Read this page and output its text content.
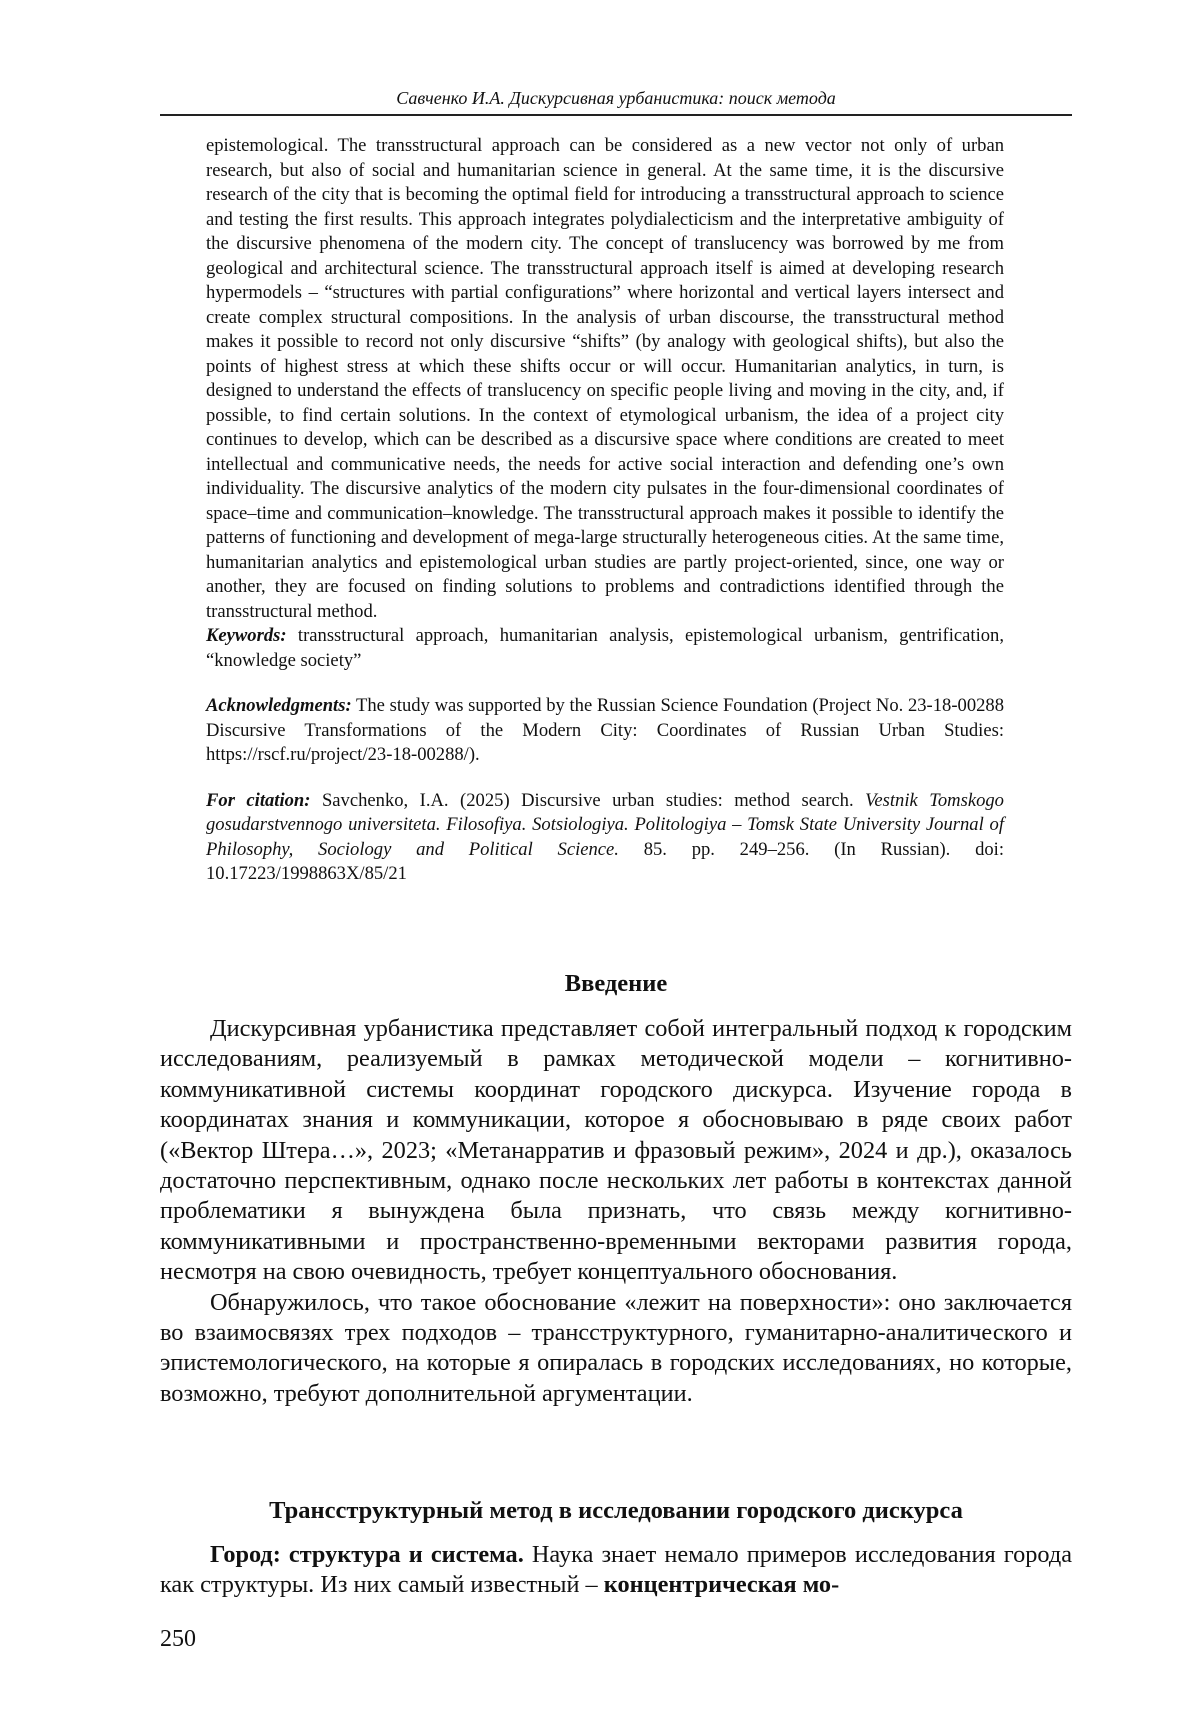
Савченко И.А. Дискурсивная урбанистика: поиск метода

epistemological. The transstructural approach can be considered as a new vector not only of urban research, but also of social and humanitarian science in general. At the same time, it is the discursive research of the city that is becoming the optimal field for introducing a transstructural approach to science and testing the first results. This approach integrates polydialecticism and the interpretative ambiguity of the discursive phenomena of the modern city. The concept of translucency was borrowed by me from geological and architectural science. The transstructural approach itself is aimed at developing research hypermodels – “structures with partial configurations” where horizontal and vertical layers intersect and create complex structural compositions. In the analysis of urban discourse, the transstructural method makes it possible to record not only discursive “shifts” (by analogy with geological shifts), but also the points of highest stress at which these shifts occur or will occur. Humanitarian analytics, in turn, is designed to understand the effects of translucency on specific people living and moving in the city, and, if possible, to find certain solutions. In the context of etymological urbanism, the idea of a project city continues to develop, which can be described as a discursive space where conditions are created to meet intellectual and communicative needs, the needs for active social interaction and defending one’s own individuality. The discursive analytics of the modern city pulsates in the four-dimensional coordinates of space–time and communication–knowledge. The transstructural approach makes it possible to identify the patterns of functioning and development of mega-large structurally heterogeneous cities. At the same time, humanitarian analytics and epistemological urban studies are partly project-oriented, since, one way or another, they are focused on finding solutions to problems and contradictions identified through the transstructural method.

Keywords: transstructural approach, humanitarian analysis, epistemological urbanism, gentrification, “knowledge society”

Acknowledgments: The study was supported by the Russian Science Foundation (Project No. 23-18-00288 Discursive Transformations of the Modern City: Coordinates of Russian Urban Studies: https://rscf.ru/project/23-18-00288/).

For citation: Savchenko, I.A. (2025) Discursive urban studies: method search. Vestnik Tomskogo gosudarstvennogo universiteta. Filosofiya. Sotsiologiya. Politologiya – Tomsk State University Journal of Philosophy, Sociology and Political Science. 85. pp. 249–256. (In Russian). doi: 10.17223/1998863X/85/21

Введение

Дискурсивная урбанистика представляет собой интегральный подход к городским исследованиям, реализуемый в рамках методической модели – когнитивно-коммуникативной системы координат городского дискурса. Изучение города в координатах знания и коммуникации, которое я обосновываю в ряде своих работ («Вектор Штера…», 2023; «Метанарратив и фразовый режим», 2024 и др.), оказалось достаточно перспективным, однако после нескольких лет работы в контекстах данной проблематики я вынуждена была признать, что связь между когнитивно-коммуникативными и пространственно-временными векторами развития города, несмотря на свою очевидность, требует концептуального обоснования.

Обнаружилось, что такое обоснование «лежит на поверхности»: оно заключается во взаимосвязях трех подходов – трансструктурного, гуманитарно-аналитического и эпистемологического, на которые я опиралась в городских исследованиях, но которые, возможно, требуют дополнительной аргументации.

Трансструктурный метод в исследовании городского дискурса

Город: структура и система. Наука знает немало примеров исследования города как структуры. Из них самый известный – концентрическая мо-

250
